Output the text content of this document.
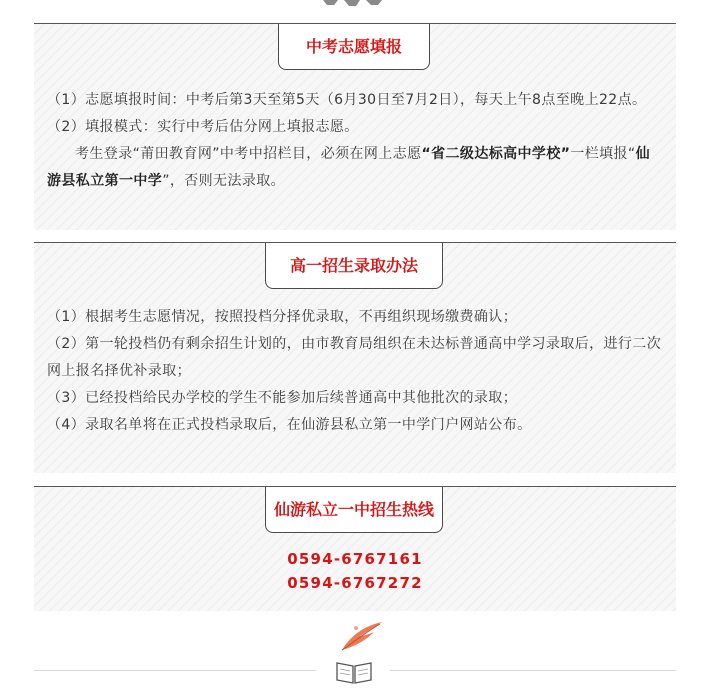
中考志愿填报

（1）志愿填报时间：中考后第3天至第5天（6月30日至7月2日），每天上午8点至晚上22点。

（2）填报模式：实行中考后估分网上填报志愿。

考生登录“莆田教育网”中考中招栏目，必须在网上志愿“省二级达标高中学校”一栏填报“仙游县私立第一中学”，否则无法录取。

高一招生录取办法

（1）根据考生志愿情况，按照投档分择优录取，不再组织现场缴费确认；

（2）第一轮投档仍有剩余招生计划的，由市教育局组织在未达标普通高中学习录取后，进行二次网上报名择优补录取；

（3）已经投档给民办学校的学生不能参加后续普通高中其他批次的录取；

（4）录取名单将在正式投档录取后，在仙游县私立第一中学门户网站公布。

仙游私立一中招生热线
0594-6767161
0594-6767272
